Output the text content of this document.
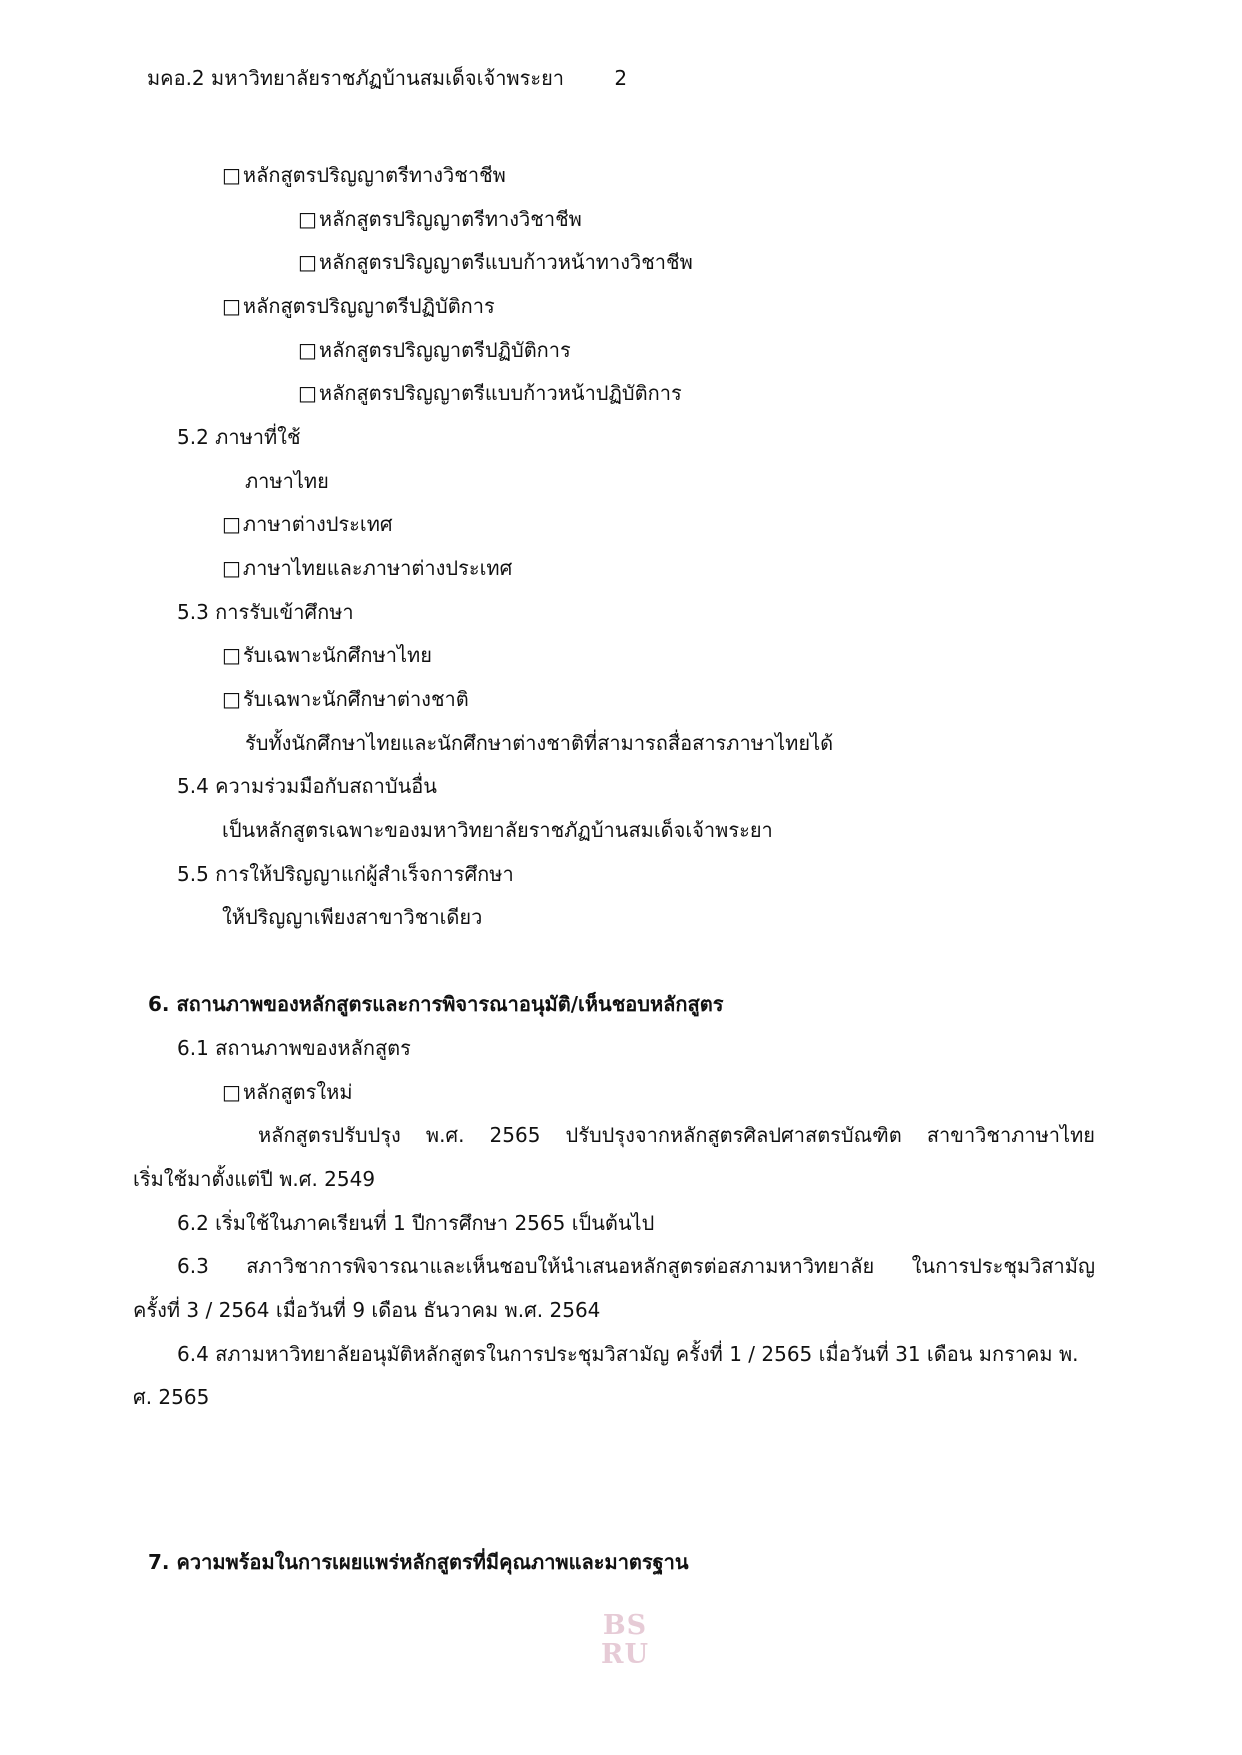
มคอ.2 มหาวิทยาลัยราชภัฏบ้านสมเด็จเจ้าพระยา	2
□ หลักสูตรปริญญาตรีทางวิชาชีพ
□ หลักสูตรปริญญาตรีทางวิชาชีพ
□ หลักสูตรปริญญาตรีแบบก้าวหน้าทางวิชาชีพ
□ หลักสูตรปริญญาตรีปฏิบัติการ
□ หลักสูตรปริญญาตรีปฏิบัติการ
□ หลักสูตรปริญญาตรีแบบก้าวหน้าปฏิบัติการ
5.2 ภาษาที่ใช้
ภาษาไทย
□ ภาษาต่างประเทศ
□ ภาษาไทยและภาษาต่างประเทศ
5.3 การรับเข้าศึกษา
□ รับเฉพาะนักศึกษาไทย
□ รับเฉพาะนักศึกษาต่างชาติ
รับทั้งนักศึกษาไทยและนักศึกษาต่างชาติที่สามารถสื่อสารภาษาไทยได้
5.4 ความร่วมมือกับสถาบันอื่น
เป็นหลักสูตรเฉพาะของมหาวิทยาลัยราชภัฏบ้านสมเด็จเจ้าพระยา
5.5 การให้ปริญญาแก่ผู้สำเร็จการศึกษา
ให้ปริญญาเพียงสาขาวิชาเดียว
6. สถานภาพของหลักสูตรและการพิจารณาอนุมัติ/เห็นชอบหลักสูตร
6.1 สถานภาพของหลักสูตร
□ หลักสูตรใหม่
หลักสูตรปรับปรุง พ.ศ. 2565 ปรับปรุงจากหลักสูตรศิลปศาสตรบัณฑิต สาขาวิชาภาษาไทย
เริ่มใช้มาตั้งแต่ปี พ.ศ. 2549
6.2 เริ่มใช้ในภาคเรียนที่ 1 ปีการศึกษา 2565 เป็นต้นไป
6.3 สภาวิชาการพิจารณาและเห็นชอบให้นำเสนอหลักสูตรต่อสภามหาวิทยาลัย ในการประชุมวิสามัญ
ครั้งที่ 3 / 2564 เมื่อวันที่ 9 เดือน ธันวาคม พ.ศ. 2564
6.4 สภามหาวิทยาลัยอนุมัติหลักสูตรในการประชุมวิสามัญ ครั้งที่ 1 / 2565 เมื่อวันที่ 31 เดือน มกราคม พ.
ศ. 2565
7. ความพร้อมในการเผยแพร่หลักสูตรที่มีคุณภาพและมาตรฐาน
BS
RU
